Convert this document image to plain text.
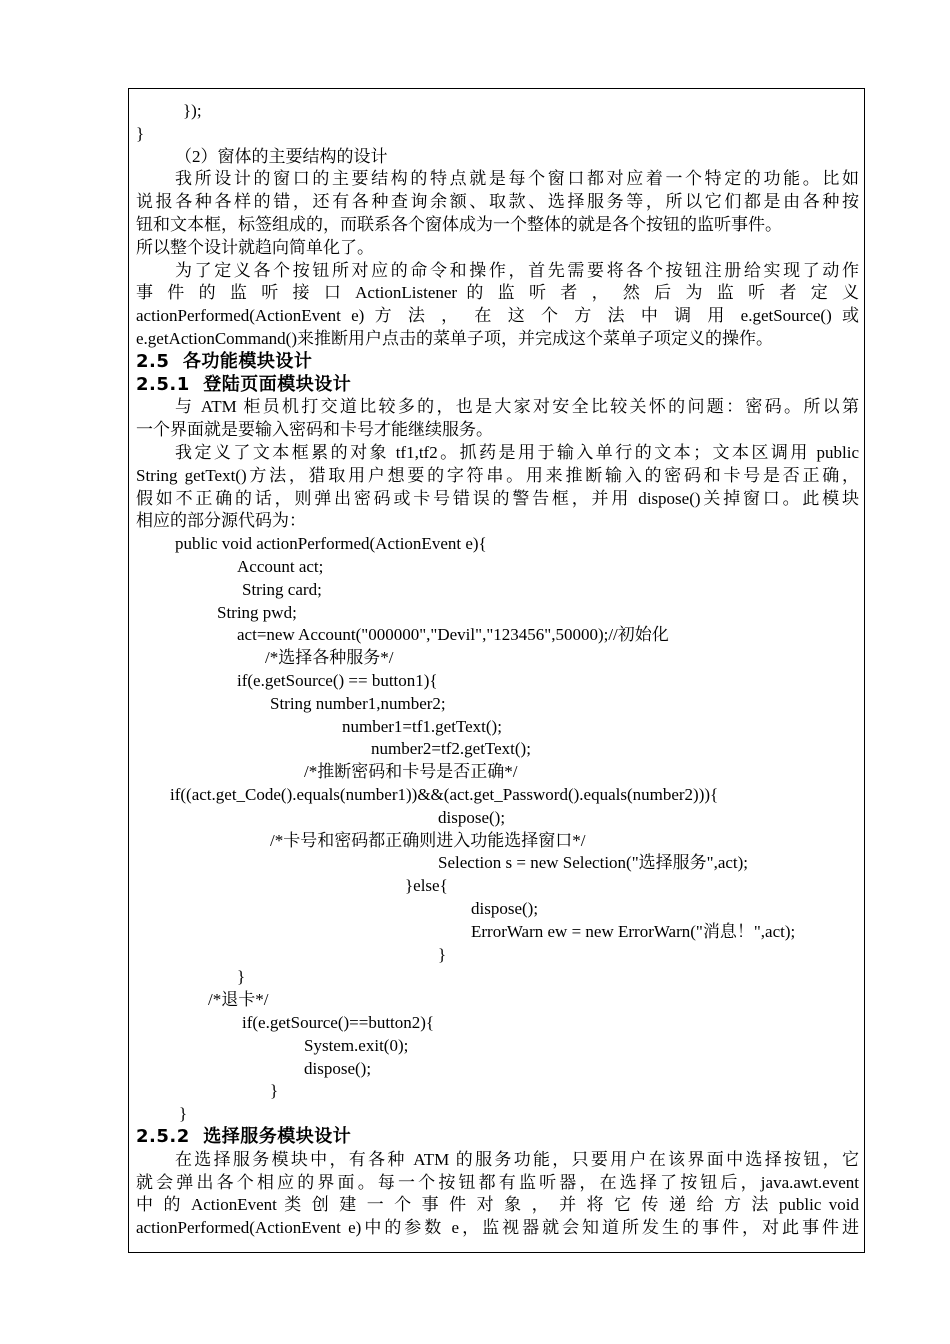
});
}
（2）窗体的主要结构的设计
我所设计的窗口的主要结构的特点就是每个窗口都对应着一个特定的功能。比如
说报各种各样的错，还有各种查询余额、取款、选择服务等，所以它们都是由各种按
钮和文本框，标签组成的，而联系各个窗体成为一个整体的就是各个按钮的监听事件。
所以整个设计就趋向简单化了。
为了定义各个按钮所对应的命令和操作，首先需要将各个按钮注册给实现了动作
事 件 的 监 听 接 口 ActionListener 的 监 听 者 ， 然 后 为 监 听 者 定 义
actionPerformed(ActionEvent e) 方 法 ， 在 这 个 方 法 中 调 用 e.getSource() 或
e.getActionCommand()来推断用户点击的菜单子项，并完成这个菜单子项定义的操作。
2.5  各功能模块设计
2.5.1  登陆页面模块设计
与 ATM 柜员机打交道比较多的，也是大家对安全比较关怀的问题：密码。所以第
一个界面就是要输入密码和卡号才能继续服务。
我定义了文本框累的对象 tf1,tf2。抓药是用于输入单行的文本；文本区调用 public
String getText()方法，猎取用户想要的字符串。用来推断输入的密码和卡号是否正确，
假如不正确的话，则弹出密码或卡号错误的警告框，并用 dispose()关掉窗口。此模块
相应的部分源代码为：
public void actionPerformed(ActionEvent e){
Account act;
String card;
String pwd;
act=new Account("000000","Devil","123456",50000);//初始化
/*选择各种服务*/
if(e.getSource() == button1){
String number1,number2;
number1=tf1.getText();
number2=tf2.getText();
/*推断密码和卡号是否正确*/
if((act.get_Code().equals(number1))&&(act.get_Password().equals(number2))){
dispose();
/*卡号和密码都正确则进入功能选择窗口*/
Selection s = new Selection("选择服务",act);
}else{
dispose();
ErrorWarn ew = new ErrorWarn("消息！",act);
}
}
/*退卡*/
if(e.getSource()==button2){
System.exit(0);
dispose();
}
}
2.5.2  选择服务模块设计
在选择服务模块中，有各种 ATM 的服务功能，只要用户在该界面中选择按钮，它
就会弹出各个相应的界面。每一个按钮都有监听器，在选择了按钮后，java.awt.event
中 的 ActionEvent 类 创 建 一 个 事 件 对 象 ， 并 将 它 传 递 给 方 法 public void
actionPerformed(ActionEvent e)中的参数 e，监视器就会知道所发生的事件，对此事件进
